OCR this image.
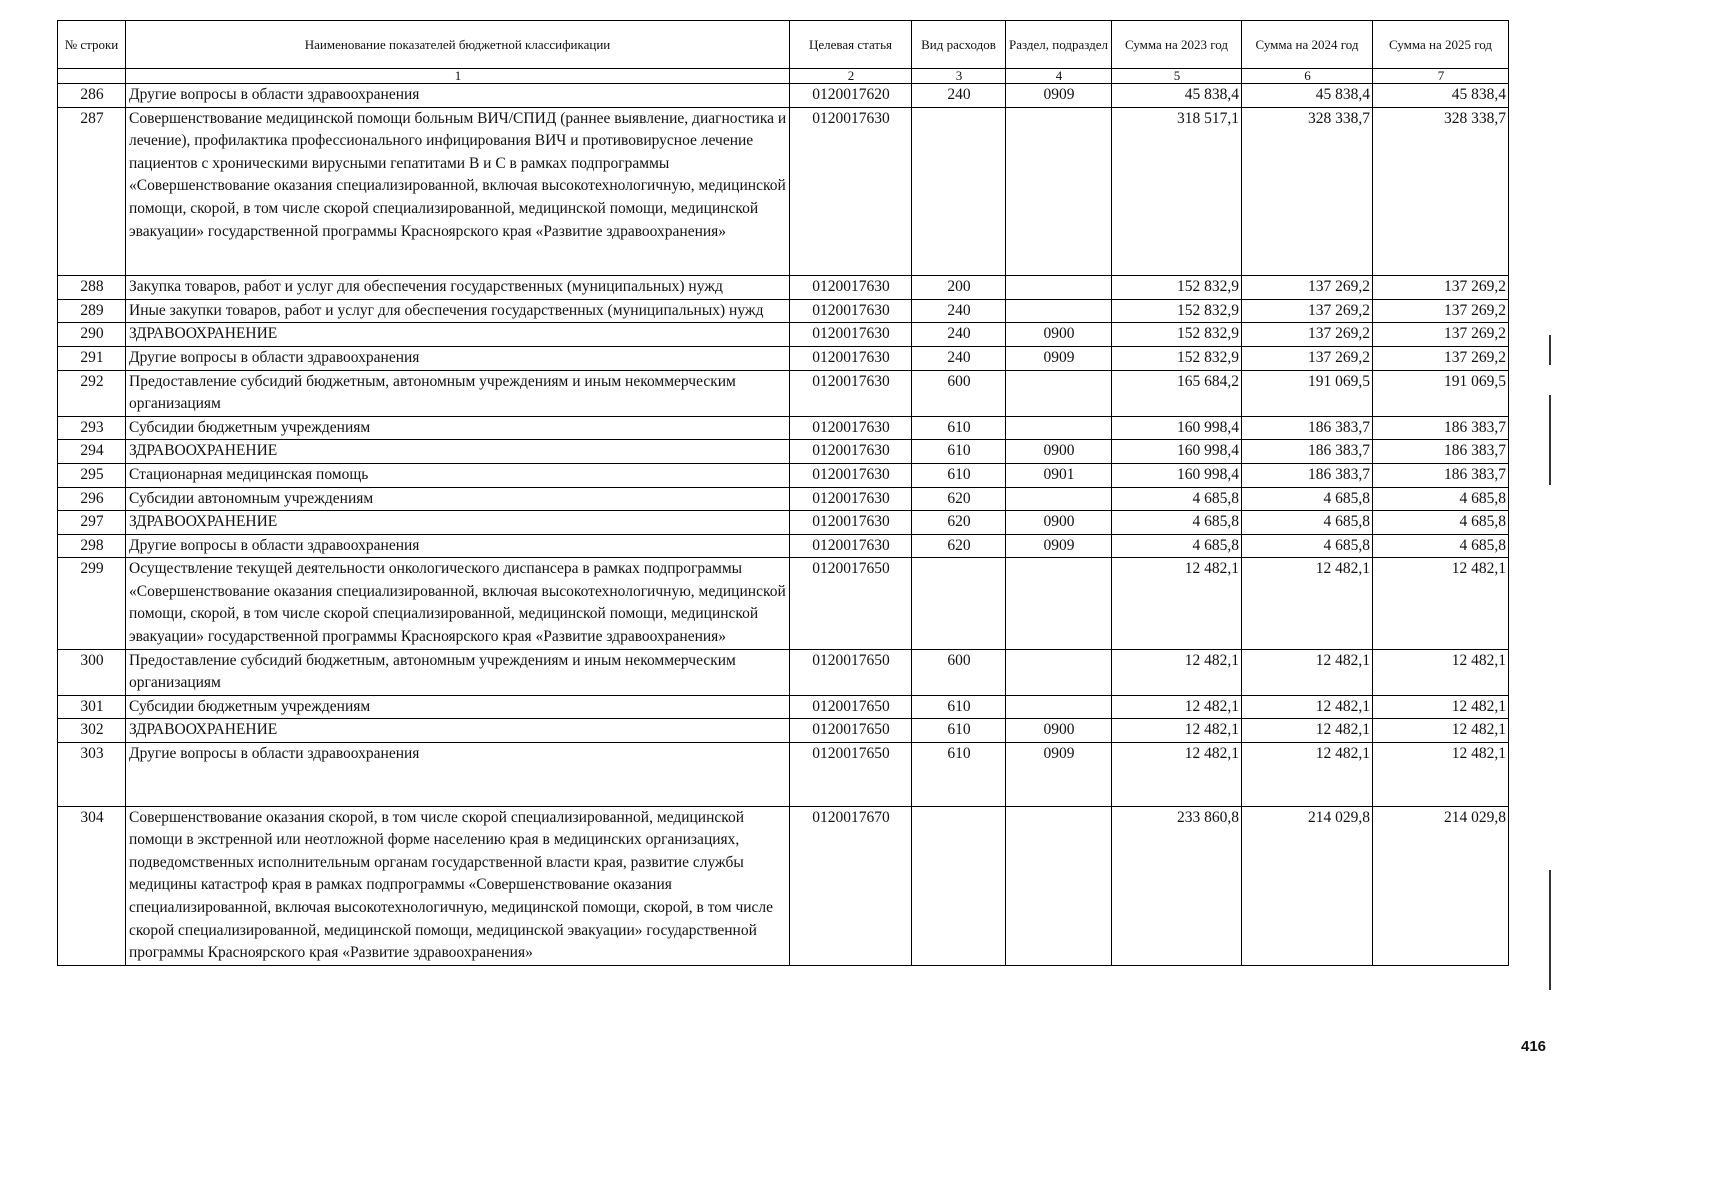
№ строки	Наименование показателей бюджетной классификации	Целевая статья	Вид расходов	Раздел, подраздел	Сумма на 2023 год	Сумма на 2024 год	Сумма на 2025 год
	1	2	3	4	5	6	7
286	Другие вопросы в области здравоохранения	0120017620	240	0909	45 838,4	45 838,4	45 838,4
287	Совершенствование медицинской помощи больным ВИЧ/СПИД (раннее выявление, диагностика и лечение), профилактика профессионального инфицирования ВИЧ и противовирусное лечение пациентов с хроническими вирусными гепатитами В и С в рамках подпрограммы «Совершенствование оказания специализированной, включая высокотехнологичную, медицинской помощи, скорой, в том числе скорой специализированной, медицинской помощи, медицинской эвакуации» государственной программы Красноярского края «Развитие здравоохранения»	0120017630			318 517,1	328 338,7	328 338,7
288	Закупка товаров, работ и услуг для обеспечения государственных (муниципальных) нужд	0120017630	200		152 832,9	137 269,2	137 269,2
289	Иные закупки товаров, работ и услуг для обеспечения государственных (муниципальных) нужд	0120017630	240		152 832,9	137 269,2	137 269,2
290	ЗДРАВООХРАНЕНИЕ	0120017630	240	0900	152 832,9	137 269,2	137 269,2
291	Другие вопросы в области здравоохранения	0120017630	240	0909	152 832,9	137 269,2	137 269,2
292	Предоставление субсидий бюджетным, автономным учреждениям и иным некоммерческим организациям	0120017630	600		165 684,2	191 069,5	191 069,5
293	Субсидии бюджетным учреждениям	0120017630	610		160 998,4	186 383,7	186 383,7
294	ЗДРАВООХРАНЕНИЕ	0120017630	610	0900	160 998,4	186 383,7	186 383,7
295	Стационарная медицинская помощь	0120017630	610	0901	160 998,4	186 383,7	186 383,7
296	Субсидии автономным учреждениям	0120017630	620		4 685,8	4 685,8	4 685,8
297	ЗДРАВООХРАНЕНИЕ	0120017630	620	0900	4 685,8	4 685,8	4 685,8
298	Другие вопросы в области здравоохранения	0120017630	620	0909	4 685,8	4 685,8	4 685,8
299	Осуществление текущей деятельности онкологического диспансера в рамках подпрограммы «Совершенствование оказания специализированной, включая высокотехнологичную, медицинской помощи, скорой, в том числе скорой специализированной, медицинской помощи, медицинской эвакуации» государственной программы Красноярского края «Развитие здравоохранения»	0120017650			12 482,1	12 482,1	12 482,1
300	Предоставление субсидий бюджетным, автономным учреждениям и иным некоммерческим организациям	0120017650	600		12 482,1	12 482,1	12 482,1
301	Субсидии бюджетным учреждениям	0120017650	610		12 482,1	12 482,1	12 482,1
302	ЗДРАВООХРАНЕНИЕ	0120017650	610	0900	12 482,1	12 482,1	12 482,1
303	Другие вопросы в области здравоохранения	0120017650	610	0909	12 482,1	12 482,1	12 482,1
304	Совершенствование оказания скорой, в том числе скорой специализированной, медицинской помощи в экстренной или неотложной форме населению края в медицинских организациях, подведомственных исполнительным органам государственной власти края, развитие службы медицины катастроф края в рамках подпрограммы «Совершенствование оказания специализированной, включая высокотехнологичную, медицинской помощи, скорой, в том числе скорой специализированной, медицинской помощи, медицинской эвакуации» государственной программы Красноярского края «Развитие здравоохранения»	0120017670			233 860,8	214 029,8	214 029,8
416
